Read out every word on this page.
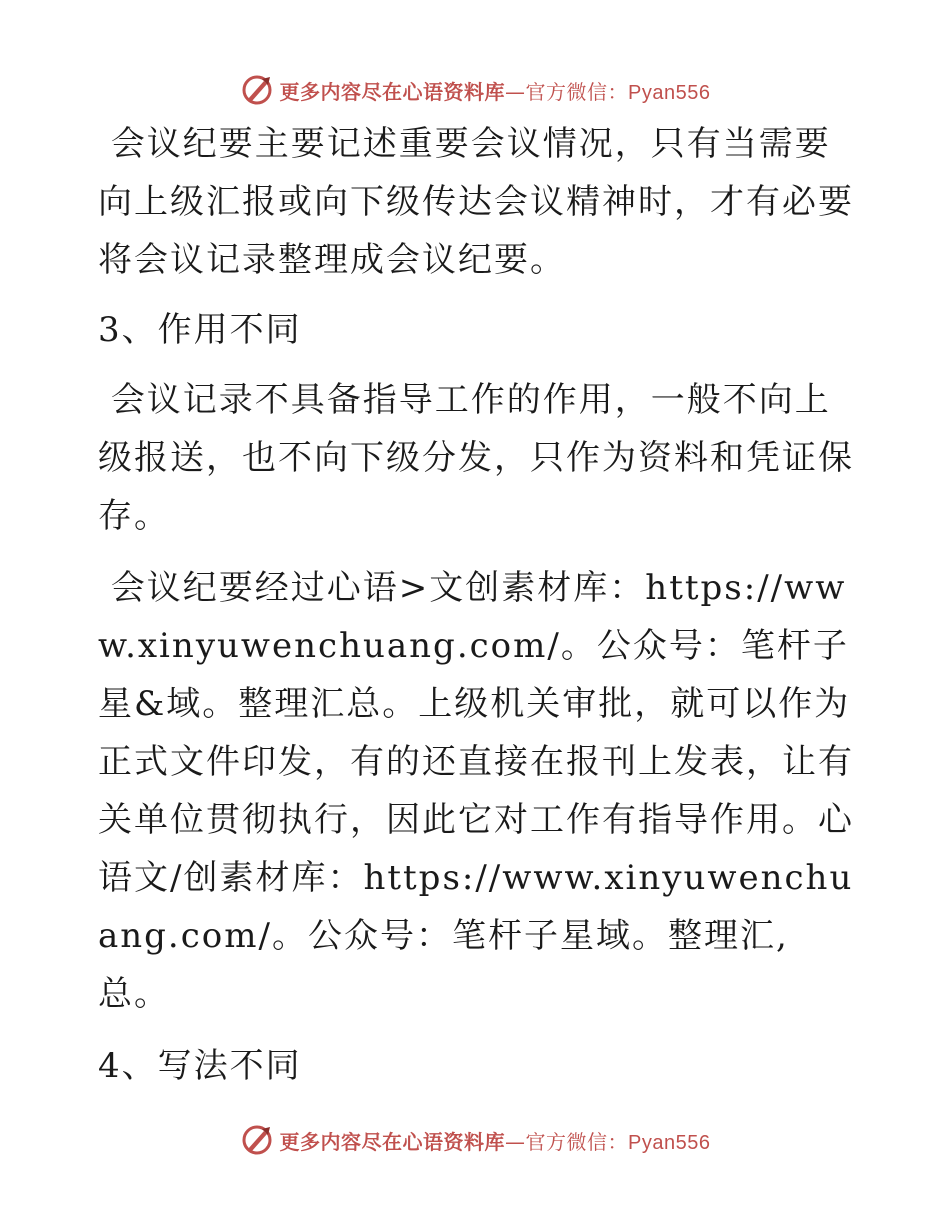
更多内容尽在心语资料库—官方微信：Pyan556

会议纪要主要记述重要会议情况，只有当需要向上级汇报或向下级传达会议精神时，才有必要将会议记录整理成会议纪要。

3、作用不同

会议记录不具备指导工作的作用，一般不向上级报送，也不向下级分发，只作为资料和凭证保存。

会议纪要经过心语>文创素材库：https://www.xinyuwenchuang.com/。公众号：笔杆子星&域。整理汇总。上级机关审批，就可以作为正式文件印发，有的还直接在报刊上发表，让有关单位贯彻执行，因此它对工作有指导作用。心语文/创素材库：https://www.xinyuwenchuang.com/。公众号：笔杆子星域。整理汇,总。

4、写法不同

更多内容尽在心语资料库—官方微信：Pyan556
